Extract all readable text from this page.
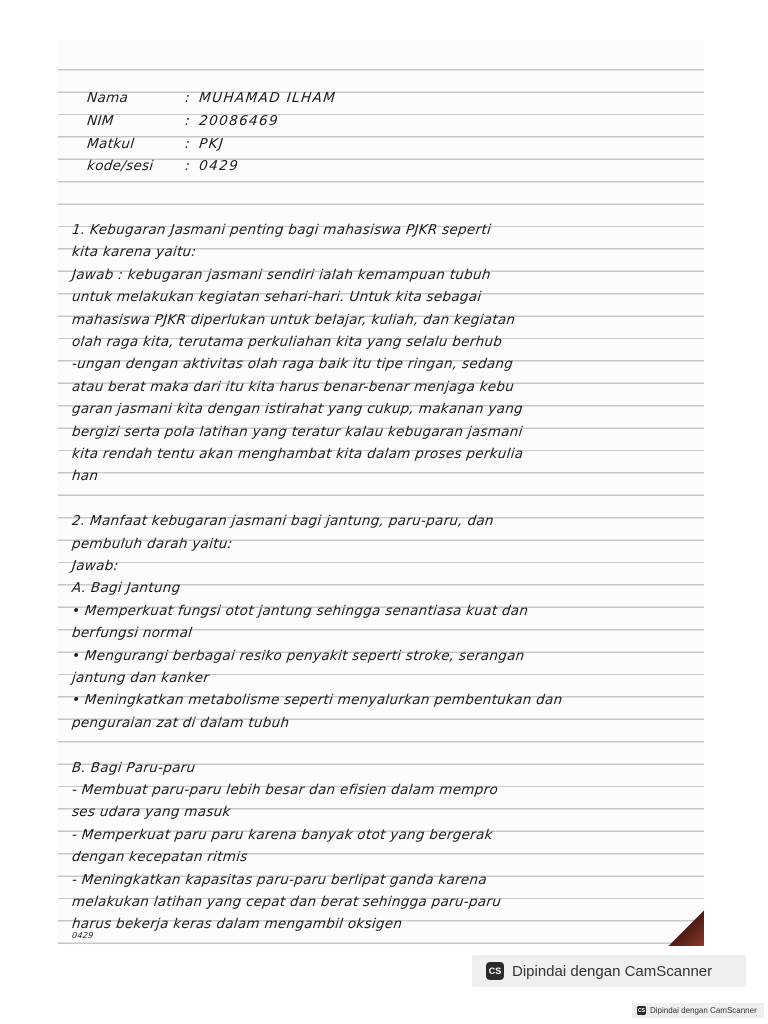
Nama	: MUHAMAD ILHAM
NIM	: 20086469
Matkul	: PKJ
kode/sesi : 0429
1. Kebugaran Jasmani penting bagi mahasiswa PJKR seperti
kita karena yaitu:
Jawab : kebugaran jasmani sendiri ialah kemampuan tubuh
untuk melakukan kegiatan sehari-hari. Untuk kita sebagai
mahasiswa PJKR diperlukan untuk belajar, kuliah, dan kegiatan
olah raga kita, terutama perkuliahan kita yang selalu berhub
-ungan dengan aktivitas olah raga baik itu tipe ringan, sedang
atau berat maka dari itu kita harus benar-benar menjaga kebu
garan jasmani kita dengan istirahat yang cukup, makanan yang
bergizi serta pola latihan yang teratur kalau kebugaran jasmani
kita rendah tentu akan menghambat kita dalam proses perkulia
han
2. Manfaat kebugaran jasmani bagi jantung, paru-paru, dan
pembuluh darah yaitu:
Jawab:
A. Bagi Jantung
• Memperkuat fungsi otot jantung sehingga senantiasa kuat dan
berfungsi normal
• Mengurangi berbagai resiko penyakit seperti stroke, serangan
jantung dan kanker
• Meningkatkan metabolisme seperti menyalurkan pembentukan dan
penguraian zat di dalam tubuh
B. Bagi Paru-paru
- Membuat paru-paru lebih besar dan efisien dalam mempro
ses udara yang masuk
- Memperkuat paru paru karena banyak otot yang bergerak
dengan kecepatan ritmis
- Meningkatkan kapasitas paru-paru berlipat ganda karena
melakukan latihan yang cepat dan berat sehingga paru-paru
harus bekerja keras dalam mengambil oksigen
0429
CS Dipindai dengan CamScanner
CS Dipindai dengan CamScanner
